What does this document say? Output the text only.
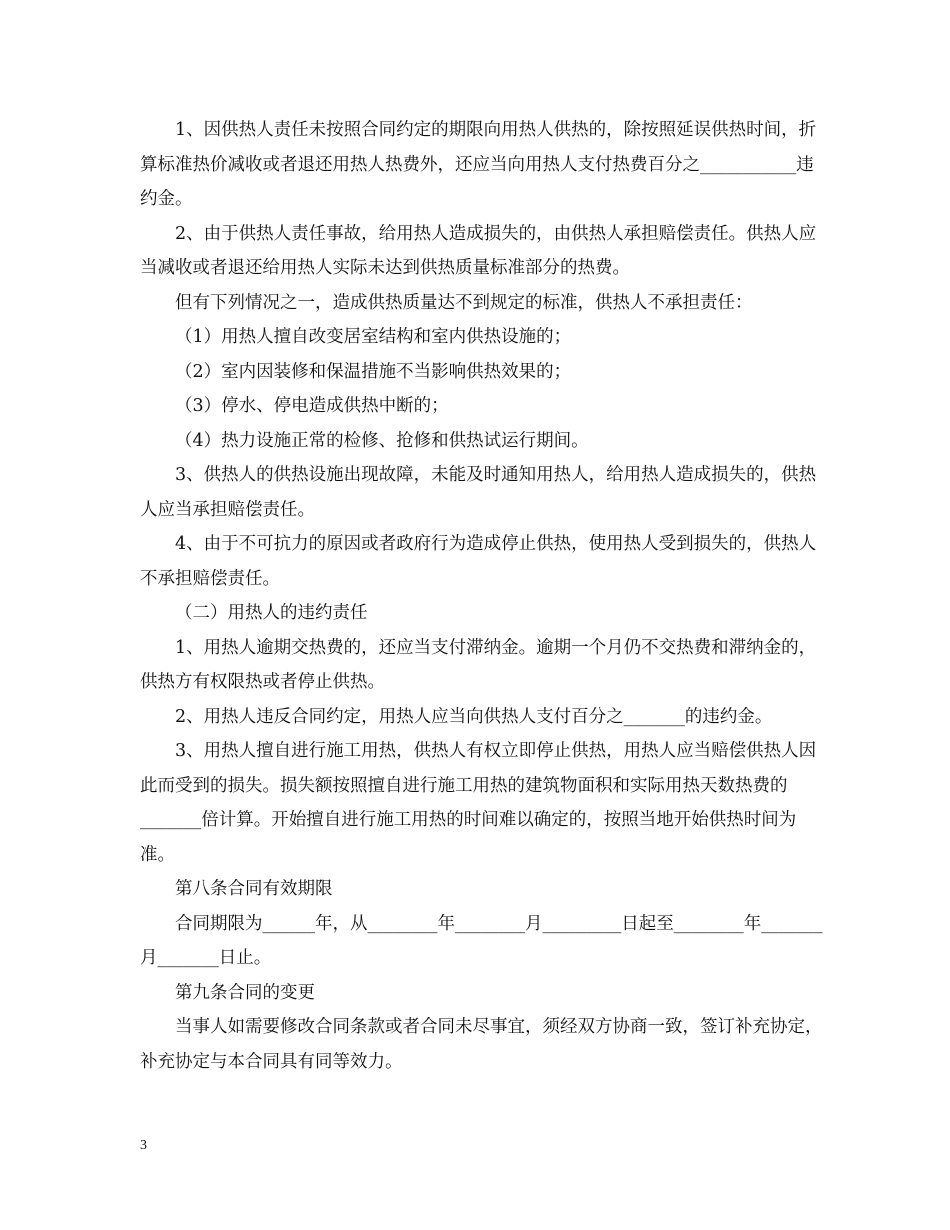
1、因供热人责任未按照合同约定的期限向用热人供热的，除按照延误供热时间，折算标准热价减收或者退还用热人热费外，还应当向用热人支付热费百分之___________违约金。

2、由于供热人责任事故，给用热人造成损失的，由供热人承担赔偿责任。供热人应当减收或者退还给用热人实际未达到供热质量标准部分的热费。

但有下列情况之一，造成供热质量达不到规定的标准，供热人不承担责任：

（1）用热人擅自改变居室结构和室内供热设施的；

（2）室内因装修和保温措施不当影响供热效果的；

（3）停水、停电造成供热中断的；

（4）热力设施正常的检修、抢修和供热试运行期间。

3、供热人的供热设施出现故障，未能及时通知用热人，给用热人造成损失的，供热人应当承担赔偿责任。

4、由于不可抗力的原因或者政府行为造成停止供热，使用热人受到损失的，供热人不承担赔偿责任。

（二）用热人的违约责任

1、用热人逾期交热费的，还应当支付滞纳金。逾期一个月仍不交热费和滞纳金的，供热方有权限热或者停止供热。

2、用热人违反合同约定，用热人应当向供热人支付百分之_______的违约金。

3、用热人擅自进行施工用热，供热人有权立即停止供热，用热人应当赔偿供热人因此而受到的损失。损失额按照擅自进行施工用热的建筑物面积和实际用热天数热费的_______倍计算。开始擅自进行施工用热的时间难以确定的，按照当地开始供热时间为准。

第八条合同有效期限

合同期限为______年，从________年________月_________日起至________年_______月_______日止。

第九条合同的变更

当事人如需要修改合同条款或者合同未尽事宜，须经双方协商一致，签订补充协定，补充协定与本合同具有同等效力。

3
